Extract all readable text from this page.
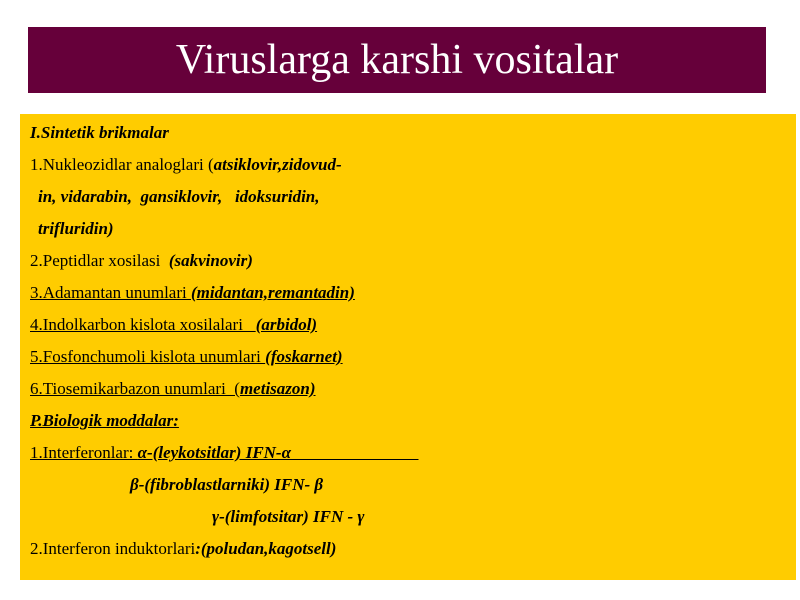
Viruslarga karshi vositalar
I.Sintetik brikmalar
1.Nukleozidlar analoglari (atsiklovir,zidovud-
in, vidarabin,  gansiklovir,   idoksuridin,
trifluridin)
2.Peptidlar xosilasi  (sakvinovir)
3.Adamantan unumlari (midantan,remantadin)
4.Indolkarbon kislota xosilalari   (arbidol)
5.Fosfonchumoli kislota unumlari (foskarnet)
6.Tiosemikarbazon unumlari  (metisazon)
P.Biologik moddalar:
1.Interferonlar: α-(leykotsitlar) IFN-α
β-(fibroblastlarniki) IFN- β
γ-(limfotsitar) IFN - γ
2.Interferon induktorlari:(poludan,kagotsell)
